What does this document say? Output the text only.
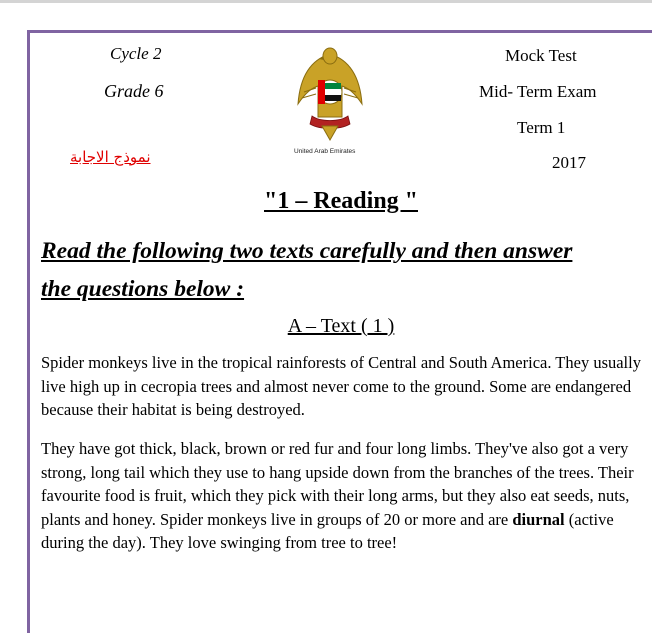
Cycle 2
Grade 6
نموذج الاجابة	United Arab Emirates
Mock Test
Mid- Term Exam
Term 1
2017
"1 – Reading "
Read the following two texts carefully and then answer
the questions below :
A – Text ( 1 )
Spider monkeys live in the tropical rainforests of Central and South America. They usually live high up in cecropia trees and almost never come to the ground. Some are endangered because their habitat is being destroyed.
They have got thick, black, brown or red fur and four long limbs. They've also got a very strong, long tail which they use to hang upside down from the branches of the trees. Their favourite food is fruit, which they pick with their long arms, but they also eat seeds, nuts, plants and honey. Spider monkeys live in groups of 20 or more and are diurnal (active during the day). They love swinging from tree to tree!
